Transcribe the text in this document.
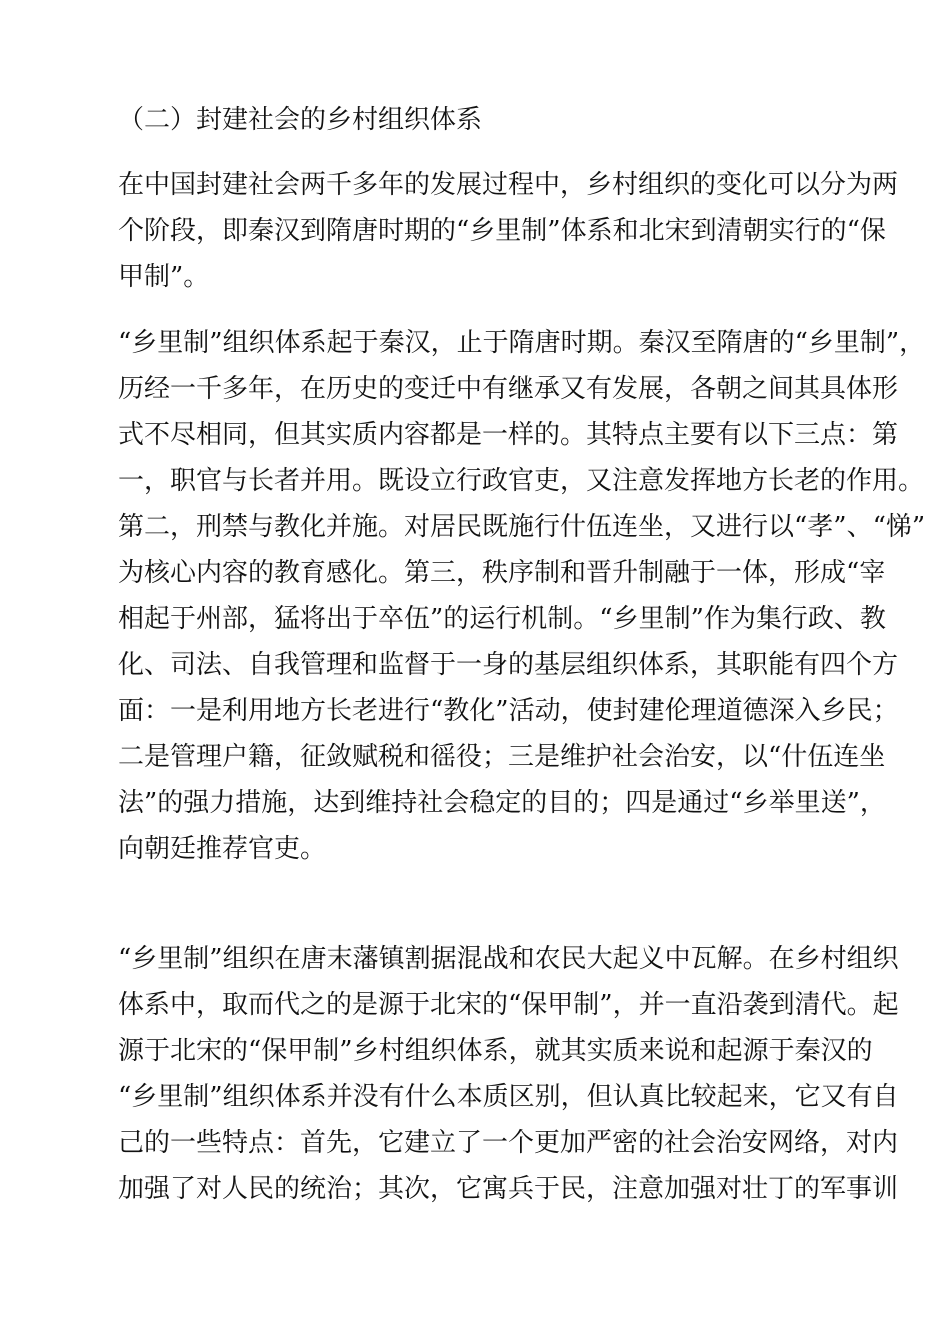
（二）封建社会的乡村组织体系
在中国封建社会两千多年的发展过程中，乡村组织的变化可以分为两
个阶段，即秦汉到隋唐时期的“乡里制”体系和北宋到清朝实行的“保
甲制”。
“乡里制”组织体系起于秦汉，止于隋唐时期。秦汉至隋唐的“乡里制”，
历经一千多年，在历史的变迁中有继承又有发展，各朝之间其具体形
式不尽相同，但其实质内容都是一样的。其特点主要有以下三点：第
一，职官与长者并用。既设立行政官吏，又注意发挥地方长老的作用。
第二，刑禁与教化并施。对居民既施行什伍连坐，又进行以“孝”、“悌”
为核心内容的教育感化。第三，秩序制和晋升制融于一体，形成“宰
相起于州部，猛将出于卒伍”的运行机制。“乡里制”作为集行政、教
化、司法、自我管理和监督于一身的基层组织体系，其职能有四个方
面：一是利用地方长老进行“教化”活动，使封建伦理道德深入乡民；
二是管理户籍，征敛赋税和徭役；三是维护社会治安，以“什伍连坐
法”的强力措施，达到维持社会稳定的目的；四是通过“乡举里送”，
向朝廷推荐官吏。
“乡里制”组织在唐末藩镇割据混战和农民大起义中瓦解。在乡村组织
体系中，取而代之的是源于北宋的“保甲制”，并一直沿袭到清代。起
源于北宋的“保甲制”乡村组织体系，就其实质来说和起源于秦汉的
“乡里制”组织体系并没有什么本质区别，但认真比较起来，它又有自
己的一些特点：首先，它建立了一个更加严密的社会治安网络，对内
加强了对人民的统治；其次，它寓兵于民，注意加强对壮丁的军事训
